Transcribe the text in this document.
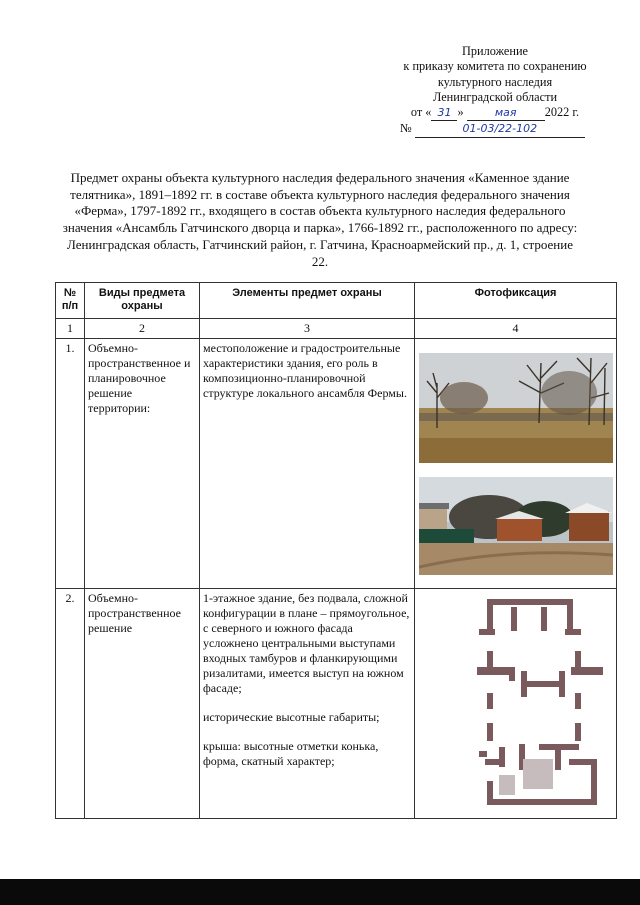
Приложение
к приказу комитета по сохранению
культурного наследия
Ленинградской области
от « 31 »	мая 2022 г.
№	01-03/22-102
Предмет охраны объекта культурного наследия федерального значения «Каменное здание телятника», 1891–1892 гг. в составе объекта культурного наследия федерального значения «Ферма», 1797-1892 гг., входящего в состав объекта культурного наследия федерального значения «Ансамбль Гатчинского дворца и парка», 1766-1892 гг., расположенного по адресу: Ленинградская область, Гатчинский район, г. Гатчина, Красноармейский пр., д. 1, строение 22.
№ п/п	Виды предмета охраны	Элементы предмет охраны	Фотофиксация
1	2	3	4
1.	Объемно-пространственное и планировочное решение территории:	местоположение и градостроительные характеристики здания, его роль в композиционно-планировочной структуре локального ансамбля Фермы.	

2.	Объемно-пространственное решение	1-этажное здание, без подвала, сложной конфигурации в плане – прямоугольное, с северного и южного фасада усложнено центральными выступами входных тамбуров и фланкирующими ризалитами, имеется выступ на южном фасаде;
исторические высотные габариты;
крыша: высотные отметки конька, форма, скатный характер;
